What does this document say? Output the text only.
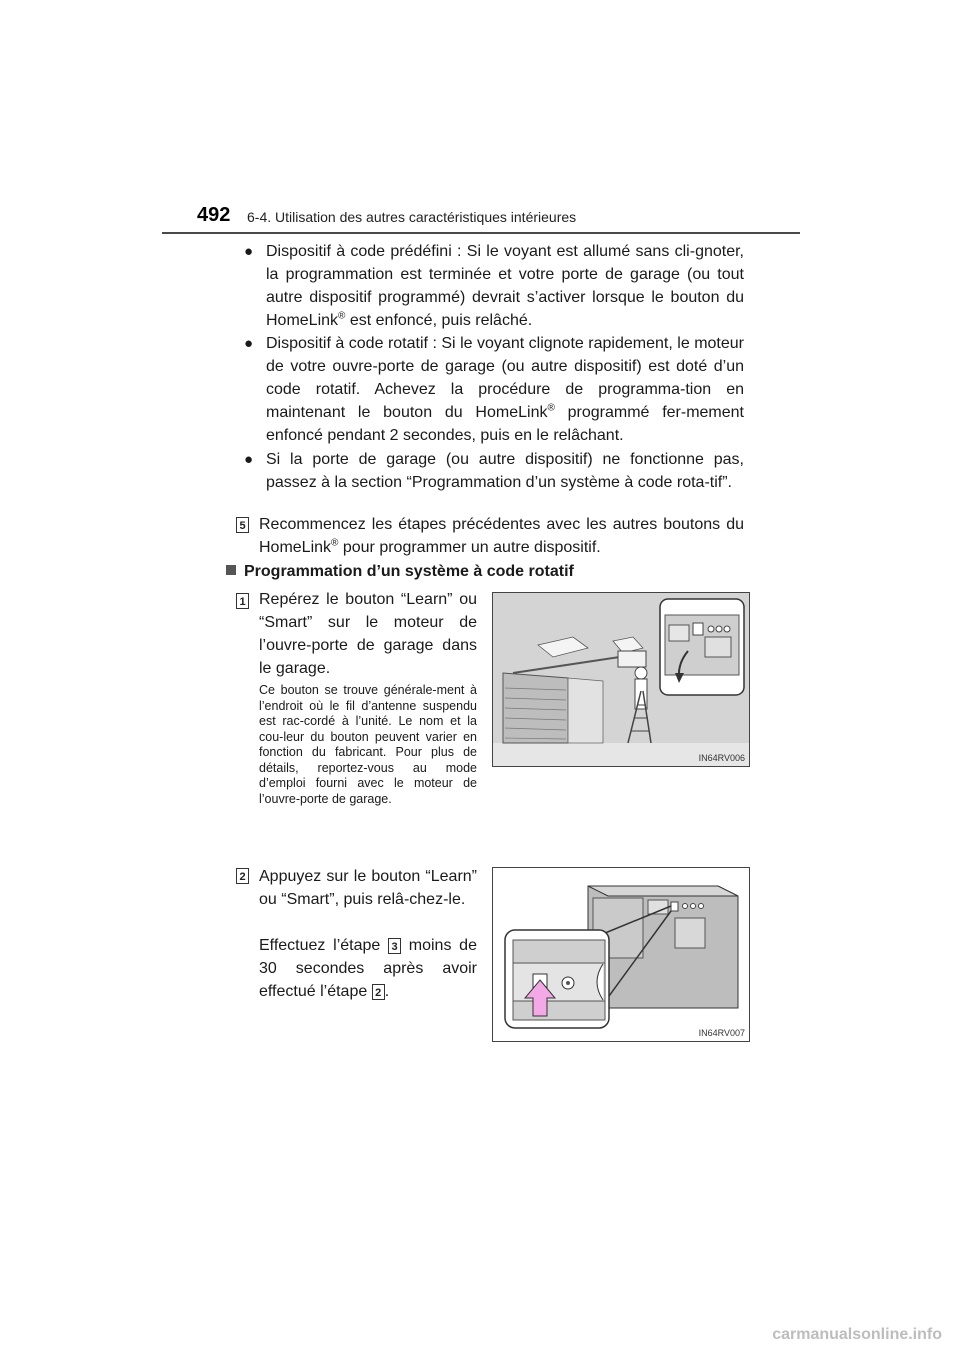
492 6-4. Utilisation des autres caractéristiques intérieures
● Dispositif à code prédéfini : Si le voyant est allumé sans cli-gnoter, la programmation est terminée et votre porte de garage (ou tout autre dispositif programmé) devrait s’activer lorsque le bouton du HomeLink® est enfoncé, puis relâché.
● Dispositif à code rotatif : Si le voyant clignote rapidement, le moteur de votre ouvre-porte de garage (ou autre dispositif) est doté d’un code rotatif. Achevez la procédure de programma-tion en maintenant le bouton du HomeLink® programmé fer-mement enfoncé pendant 2 secondes, puis en le relâchant.
● Si la porte de garage (ou autre dispositif) ne fonctionne pas, passez à la section “Programmation d’un système à code rota-tif”.
5 Recommencez les étapes précédentes avec les autres boutons du HomeLink® pour programmer un autre dispositif.
Programmation d’un système à code rotatif
1 Repérez le bouton “Learn” ou “Smart” sur le moteur de l’ouvre-porte de garage dans le garage.
Ce bouton se trouve générale-ment à l’endroit où le fil d’antenne suspendu est rac-cordé à l’unité. Le nom et la cou-leur du bouton peuvent varier en fonction du fabricant. Pour plus de détails, reportez-vous au mode d’emploi fourni avec le moteur de l’ouvre-porte de garage.
IN64RV006
2 Appuyez sur le bouton “Learn” ou “Smart”, puis relâ-chez-le.
Effectuez l’étape 3 moins de 30 secondes après avoir effectué l’étape 2 .
IN64RV007
carmanualsonline.info
